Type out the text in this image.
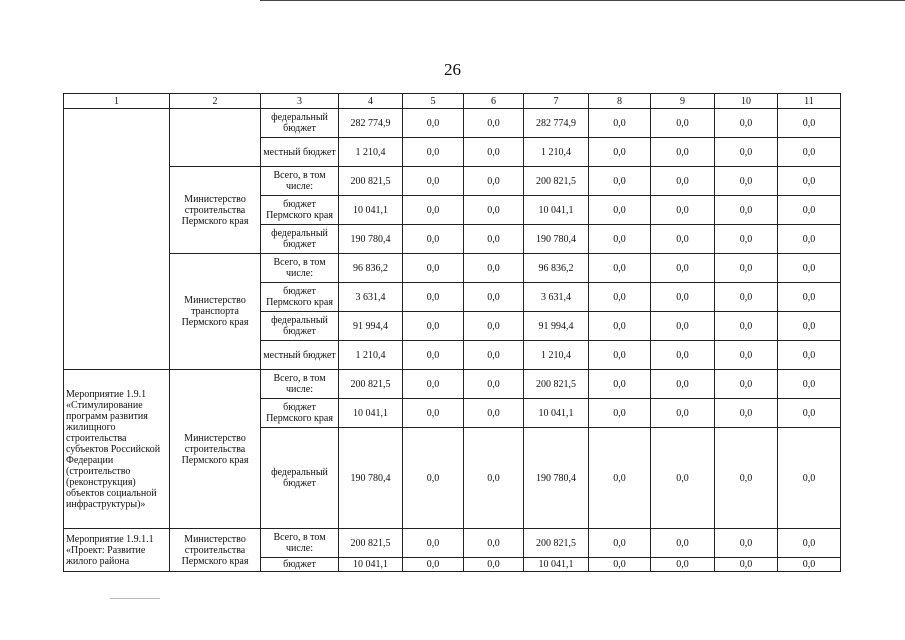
26
1	2	3	4	5	6	7	8	9	10	11
		федеральный бюджет	282 774,9	0,0	0,0	282 774,9	0,0	0,0	0,0	0,0
		местный бюджет	1 210,4	0,0	0,0	1 210,4	0,0	0,0	0,0	0,0
	Министерство строительства Пермского края	Всего, в том числе:	200 821,5	0,0	0,0	200 821,5	0,0	0,0	0,0	0,0
		бюджет Пермского края	10 041,1	0,0	0,0	10 041,1	0,0	0,0	0,0	0,0
		федеральный бюджет	190 780,4	0,0	0,0	190 780,4	0,0	0,0	0,0	0,0
	Министерство транспорта Пермского края	Всего, в том числе:	96 836,2	0,0	0,0	96 836,2	0,0	0,0	0,0	0,0
		бюджет Пермского края	3 631,4	0,0	0,0	3 631,4	0,0	0,0	0,0	0,0
		федеральный бюджет	91 994,4	0,0	0,0	91 994,4	0,0	0,0	0,0	0,0
		местный бюджет	1 210,4	0,0	0,0	1 210,4	0,0	0,0	0,0	0,0
Мероприятие 1.9.1 «Стимулирование программ развития жилищного строительства субъектов Российской Федерации (строительство (реконструкция) объектов социальной инфраструктуры)»	Министерство строительства Пермского края	Всего, в том числе:	200 821,5	0,0	0,0	200 821,5	0,0	0,0	0,0	0,0
		бюджет Пермского края	10 041,1	0,0	0,0	10 041,1	0,0	0,0	0,0	0,0
		федеральный бюджет	190 780,4	0,0	0,0	190 780,4	0,0	0,0	0,0	0,0
Мероприятие 1.9.1.1 «Проект: Развитие жилого района	Министерство строительства Пермского края	Всего, в том числе:	200 821,5	0,0	0,0	200 821,5	0,0	0,0	0,0	0,0
		бюджет	10 041,1	0,0	0,0	10 041,1	0,0	0,0	0,0	0,0
